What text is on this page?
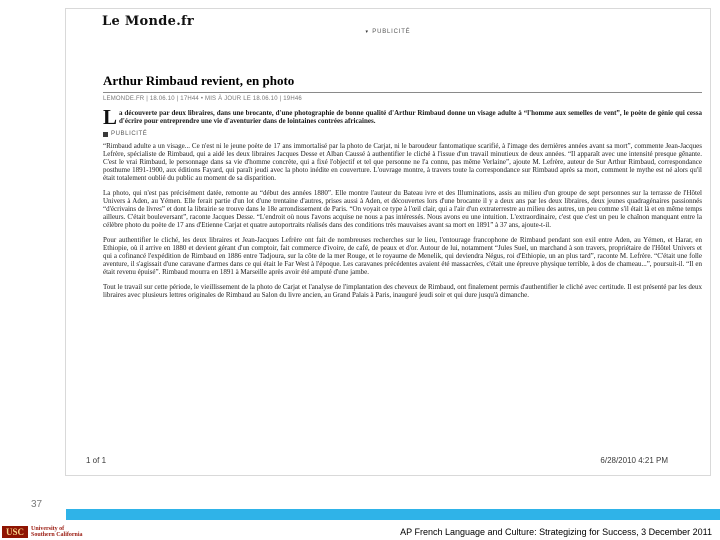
Le Monde.fr
▾ PUBLICITÉ
Arthur Rimbaud revient, en photo
LEMONDE.FR | 18.06.10 | 17H44 • MIS À JOUR LE 18.06.10 | 19H46

La découverte par deux libraires, dans une brocante, d'une photographie de bonne qualité d'Arthur Rimbaud donne un visage adulte à “l'homme aux semelles de vent”, le poète de génie qui cessa d'écrire pour entreprendre une vie d'aventurier dans de lointaines contrées africaines.

PUBLICITÉ

“Rimbaud adulte a un visage... Ce n'est ni le jeune poète de 17 ans immortalisé par la photo de Carjat, ni le baroudeur fantomatique scarifié, à l'image des dernières années avant sa mort”, commente Jean-Jacques Lefrère, spécialiste de Rimbaud, qui a aidé les deux libraires Jacques Desse et Alban Caussé à authentifier le cliché à l'issue d'un travail minutieux de deux années. “Il apparaît avec une intensité presque gênante. C'est le vrai Rimbaud, le personnage dans sa vie d'homme concrète, qui a fixé l'objectif et tel que personne ne l'a connu, pas même Verlaine”, ajoute M. Lefrère, auteur de Sur Arthur Rimbaud, correspondance posthume 1891-1900, aux éditions Fayard, qui paraît jeudi avec la photo inédite en couverture. L'ouvrage montre, à travers toute la correspondance sur Rimbaud après sa mort, comment le mythe est né alors qu'il était totalement oublié du public au moment de sa disparition.

La photo, qui n'est pas précisément datée, remonte au “début des années 1880”. Elle montre l'auteur du Bateau ivre et des Illuminations, assis au milieu d'un groupe de sept personnes sur la terrasse de l'Hôtel Univers à Aden, au Yémen. Elle ferait partie d'un lot d'une trentaine d'autres, prises aussi à Aden, et découvertes lors d'une brocante il y a deux ans par les deux libraires, deux jeunes quadragénaires passionnés “d'écrivains de livres” et dont la librairie se trouve dans le 18e arrondissement de Paris. “On voyait ce type à l'œil clair, qui a l'air d'un extraterrestre au milieu des autres, un peu comme s'il était là et en même temps ailleurs. C'était bouleversant”, raconte Jacques Desse. “L'endroit où nous l'avons acquise ne nous a pas intéressés. Nous avons eu une intuition. L'extraordinaire, c'est que c'est un peu le chaînon manquant entre la célèbre photo du poète de 17 ans d'Etienne Carjat et quatre autoportraits réalisés dans des conditions très mauvaises avant sa mort en 1891” à 37 ans, ajoute-t-il.

Pour authentifier le cliché, les deux libraires et Jean-Jacques Lefrère ont fait de nombreuses recherches sur le lieu, l'entourage francophone de Rimbaud pendant son exil entre Aden, au Yémen, et Harar, en Ethiopie, où il arrive en 1880 et devient gérant d'un comptoir, fait commerce d'ivoire, de café, de peaux et d'or. Autour de lui, notamment “Jules Suel, un marchand à son travers, propriétaire de l'Hôtel Univers et qui a cofinancé l'expédition de Rimbaud en 1886 entre Tadjoura, sur la côte de la mer Rouge, et le royaume de Menelik, qui deviendra Négus, roi d'Ethiopie, un an plus tard”, raconte M. Lefrère. “C'était une folle aventure, il s'agissait d'une caravane d'armes dans ce qui était le Far West à l'époque. Les caravanes précédentes avaient été massacrées, c'était une épreuve physique terrible, à dos de chameau...”, poursuit-il. “Il en était revenu épuisé”. Rimbaud mourra en 1891 à Marseille après avoir été amputé d'une jambe.

Tout le travail sur cette période, le vieillissement de la photo de Carjat et l'analyse de l'implantation des cheveux de Rimbaud, ont finalement permis d'authentifier le cliché avec certitude. Il est présenté par les deux libraires avec plusieurs lettres originales de Rimbaud au Salon du livre ancien, au Grand Palais à Paris, inauguré jeudi soir et qui dure jusqu'à dimanche.

1 of 1	6/28/2010 4:21 PM
37
USC	University of
Southern California	AP French Language and Culture: Strategizing for Success, 3 December 2011
